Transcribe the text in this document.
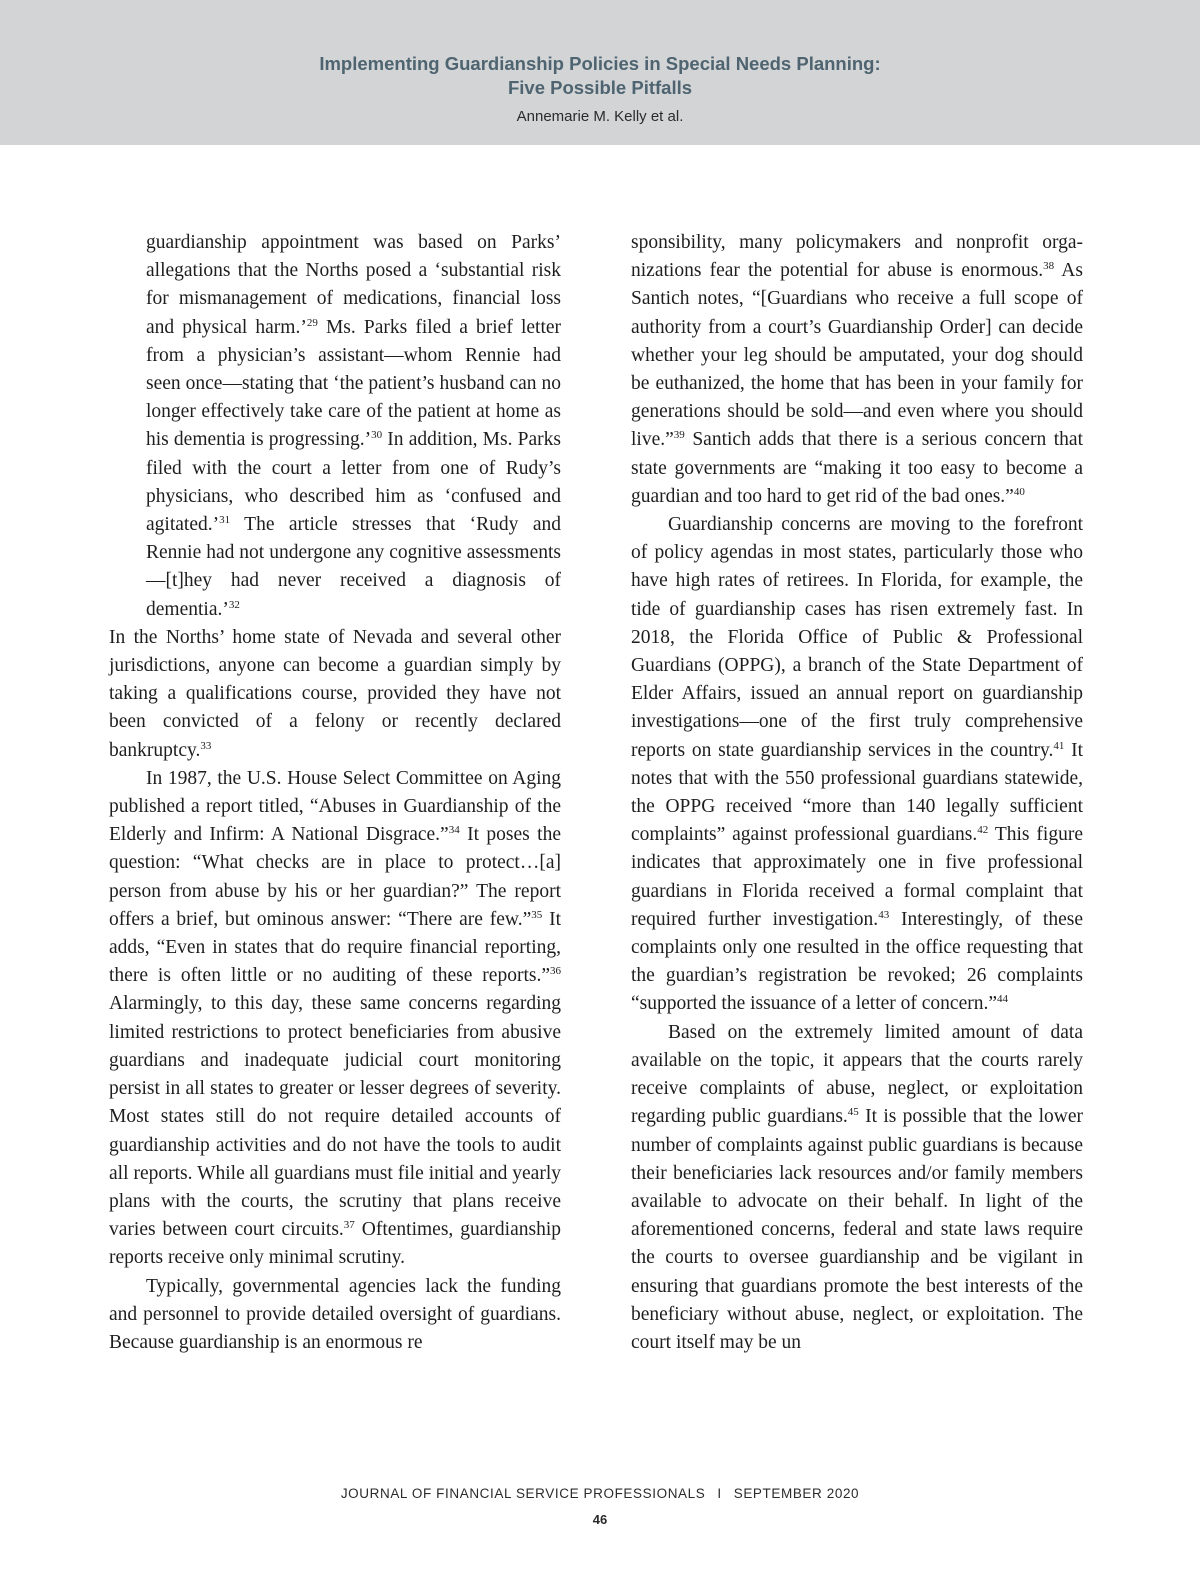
Implementing Guardianship Policies in Special Needs Planning:
Five Possible Pitfalls
Annemarie M. Kelly et al.

guardianship appointment was based on Parks’ allegations that the Norths posed a ‘substantial risk for mismanagement of medications, financial loss and physical harm.’$^{29}$ Ms. Parks filed a brief letter from a physician’s assistant—whom Rennie had seen once—stating that ‘the patient’s husband can no longer effectively take care of the patient at home as his dementia is progressing.’$^{30}$ In addition, Ms. Parks filed with the court a letter from one of Rudy’s physicians, who described him as ‘confused and agitated.’$^{31}$ The article stresses that ‘Rudy and Rennie had not undergone any cognitive assessments—[t]hey had never received a diagnosis of dementia.’$^{32}$

In the Norths’ home state of Nevada and several other jurisdictions, anyone can become a guardian simply by taking a qualifications course, provided they have not been convicted of a felony or recently declared bankruptcy.$^{33}$

In 1987, the U.S. House Select Committee on Aging published a report titled, “Abuses in Guardianship of the Elderly and Infirm: A National Disgrace.”$^{34}$ It poses the question: “What checks are in place to protect…[a] person from abuse by his or her guardian?” The report offers a brief, but ominous answer: “There are few.”$^{35}$ It adds, “Even in states that do require financial reporting, there is often little or no auditing of these reports.”$^{36}$ Alarmingly, to this day, these same concerns regarding limited restrictions to protect beneficiaries from abusive guardians and inadequate judicial court monitoring persist in all states to greater or lesser degrees of severity. Most states still do not require detailed accounts of guardianship activities and do not have the tools to audit all reports. While all guardians must file initial and yearly plans with the courts, the scrutiny that plans receive varies between court circuits.$^{37}$ Oftentimes, guardianship reports receive only minimal scrutiny.

Typically, governmental agencies lack the funding and personnel to provide detailed oversight of guardians. Because guardianship is an enormous re

sponsibility, many policymakers and nonprofit organizations fear the potential for abuse is enormous.$^{38}$ As Santich notes, “[Guardians who receive a full scope of authority from a court’s Guardianship Order] can decide whether your leg should be amputated, your dog should be euthanized, the home that has been in your family for generations should be sold—and even where you should live.”$^{39}$ Santich adds that there is a serious concern that state governments are “making it too easy to become a guardian and too hard to get rid of the bad ones.”$^{40}$

Guardianship concerns are moving to the forefront of policy agendas in most states, particularly those who have high rates of retirees. In Florida, for example, the tide of guardianship cases has risen extremely fast. In 2018, the Florida Office of Public & Professional Guardians (OPPG), a branch of the State Department of Elder Affairs, issued an annual report on guardianship investigations—one of the first truly comprehensive reports on state guardianship services in the country.$^{41}$ It notes that with the 550 professional guardians statewide, the OPPG received “more than 140 legally sufficient complaints” against professional guardians.$^{42}$ This figure indicates that approximately one in five professional guardians in Florida received a formal complaint that required further investigation.$^{43}$ Interestingly, of these complaints only one resulted in the office requesting that the guardian’s registration be revoked; 26 complaints “supported the issuance of a letter of concern.”$^{44}$

Based on the extremely limited amount of data available on the topic, it appears that the courts rarely receive complaints of abuse, neglect, or exploitation regarding public guardians.$^{45}$ It is possible that the lower number of complaints against public guardians is because their beneficiaries lack resources and/or family members available to advocate on their behalf. In light of the aforementioned concerns, federal and state laws require the courts to oversee guardianship and be vigilant in ensuring that guardians promote the best interests of the beneficiary without abuse, neglect, or exploitation. The court itself may be un

JOURNAL OF FINANCIAL SERVICE PROFESSIONALS I SEPTEMBER 2020
46
